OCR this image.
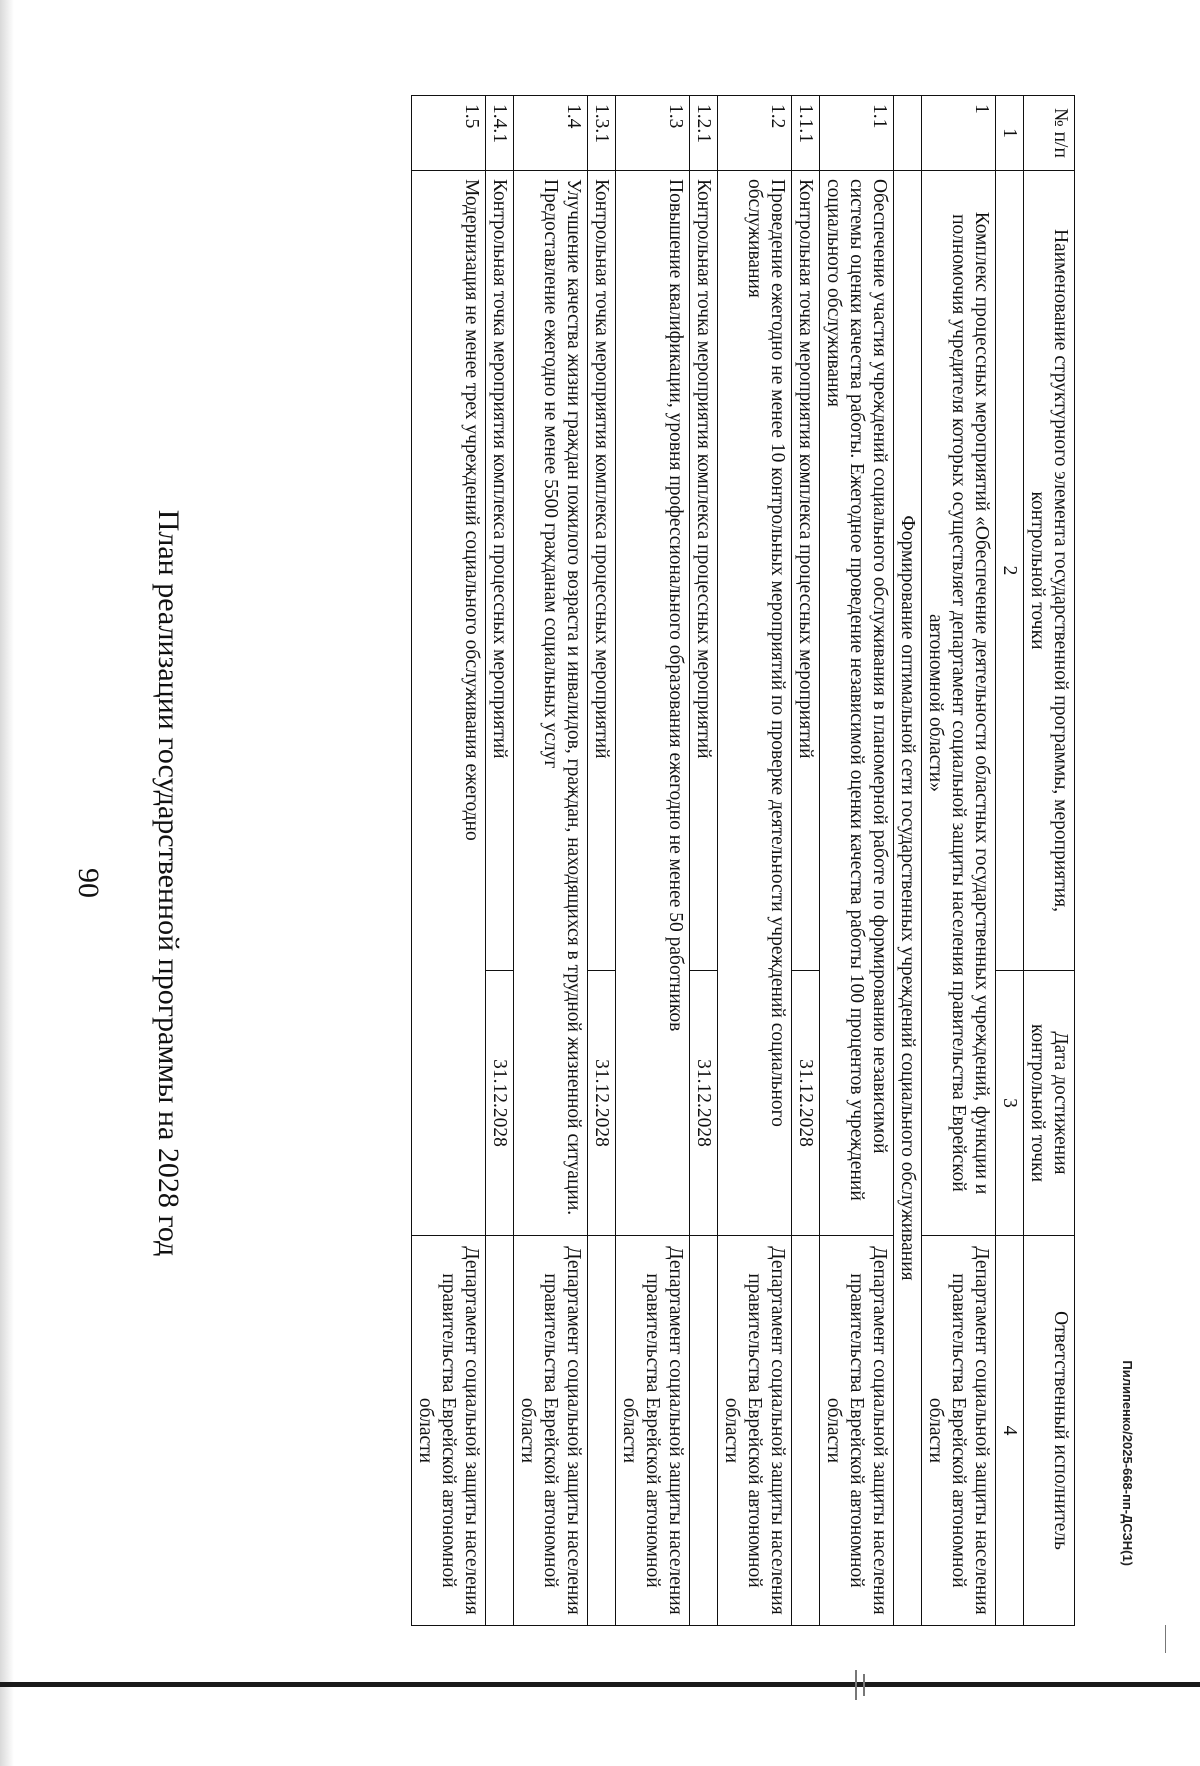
90 План реализации государственной программы на 2028 год
Пилипенко/2025-668-пп-ДСЗН(1)
№ п/п	Наименование структурного элемента государственной программы, мероприятия, контрольной точки	Дата достижения контрольной точки	Ответственный исполнитель
1	2	3	4
1	Комплекс процессных мероприятий «Обеспечение деятельности областных государственных учреждений, функции и полномочия учредителя которых осуществляет департамент социальной защиты населения правительства Еврейской автономной области»		Департамент социальной защиты населения правительства Еврейской автономной области
	Формирование оптимальной сети государственных учреждений социального обслуживания		
1.1	Обеспечение участия учреждений социального обслуживания в планомерной работе по формированию независимой системы оценки качества работы. Ежегодное проведение независимой оценки качества работы 100 процентов учреждений социального обслуживания		Департамент социальной защиты населения правительства Еврейской автономной области
1.1.1	Контрольная точка мероприятия комплекса процессных мероприятий	31.12.2028	
1.2	Проведение ежегодно не менее 10 контрольных мероприятий по проверке деятельности учреждений социального обслуживания		Департамент социальной защиты населения правительства Еврейской автономной области
1.2.1	Контрольная точка мероприятия комплекса процессных мероприятий	31.12.2028	
1.3	Повышение квалификации, уровня профессионального образования ежегодно не менее 50 работников		Департамент социальной защиты населения правительства Еврейской автономной области
1.3.1	Контрольная точка мероприятия комплекса процессных мероприятий	31.12.2028	
1.4	Улучшение качества жизни граждан пожилого возраста и инвалидов, граждан, находящихся в трудной жизненной ситуации. Предоставление ежегодно не менее 5500 гражданам социальных услуг		Департамент социальной защиты населения правительства Еврейской автономной области
1.4.1	Контрольная точка мероприятия комплекса процессных мероприятий	31.12.2028	
1.5	Модернизация не менее трех учреждений социального обслуживания ежегодно		Департамент социальной защиты населения правительства Еврейской автономной области
